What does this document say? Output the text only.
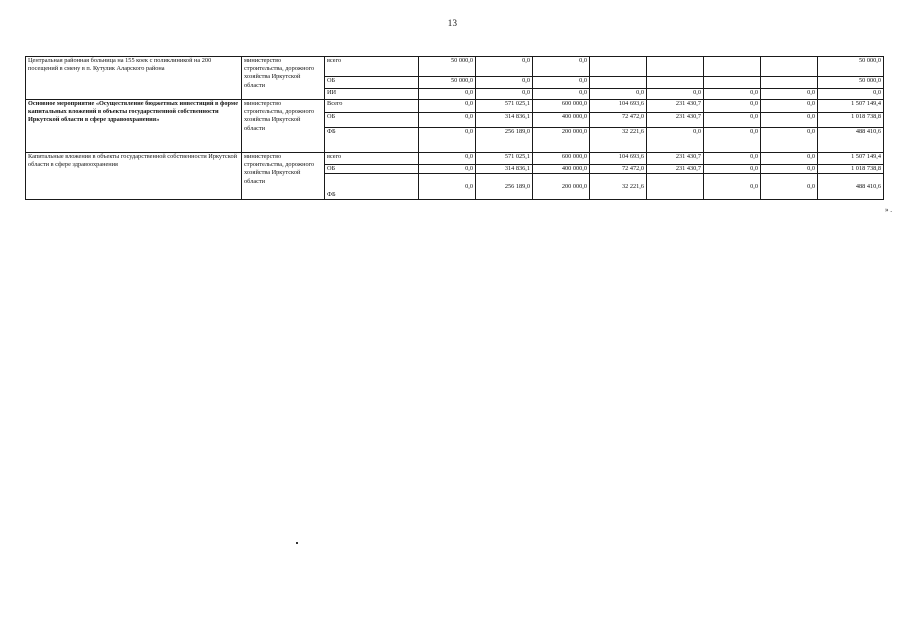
13
Центральная районная больница на 155 коек с поликлиникой на 200 посещений в смену в п. Кутулик Аларского района	министерство строительства, дорожного хозяйства Иркутской области	всего	50 000,0	0,0	0,0					50 000,0
		ОБ	50 000,0	0,0	0,0					50 000,0
		ИИ	0,0	0,0	0,0	0,0	0,0	0,0	0,0	0,0
Основное мероприятие «Осуществление бюджетных инвестиций в форме капитальных вложений в объекты государственной собственности Иркутской области в сфере здравоохранения»	министерство строительства, дорожного хозяйства Иркутской области	Всего	0,0	571 025,1	600 000,0	104 693,6	231 430,7	0,0	0,0	1 507 149,4
		ОБ	0,0	314 836,1	400 000,0	72 472,0	231 430,7	0,0	0,0	1 018 738,8
		ФБ	0,0	256 189,0	200 000,0	32 221,6	0,0	0,0	0,0	488 410,6
Капитальные вложения в объекты государственной собственности Иркутской области в сфере здравоохранения	министерство строительства, дорожного хозяйства Иркутской области	всего	0,0	571 025,1	600 000,0	104 693,6	231 430,7	0,0	0,0	1 507 149,4
		ОБ	0,0	314 836,1	400 000,0	72 472,0	231 430,7	0,0	0,0	1 018 738,8
		ФБ	0,0	256 189,0	200 000,0	32 221,6		0,0	0,0	488 410,6
» .
